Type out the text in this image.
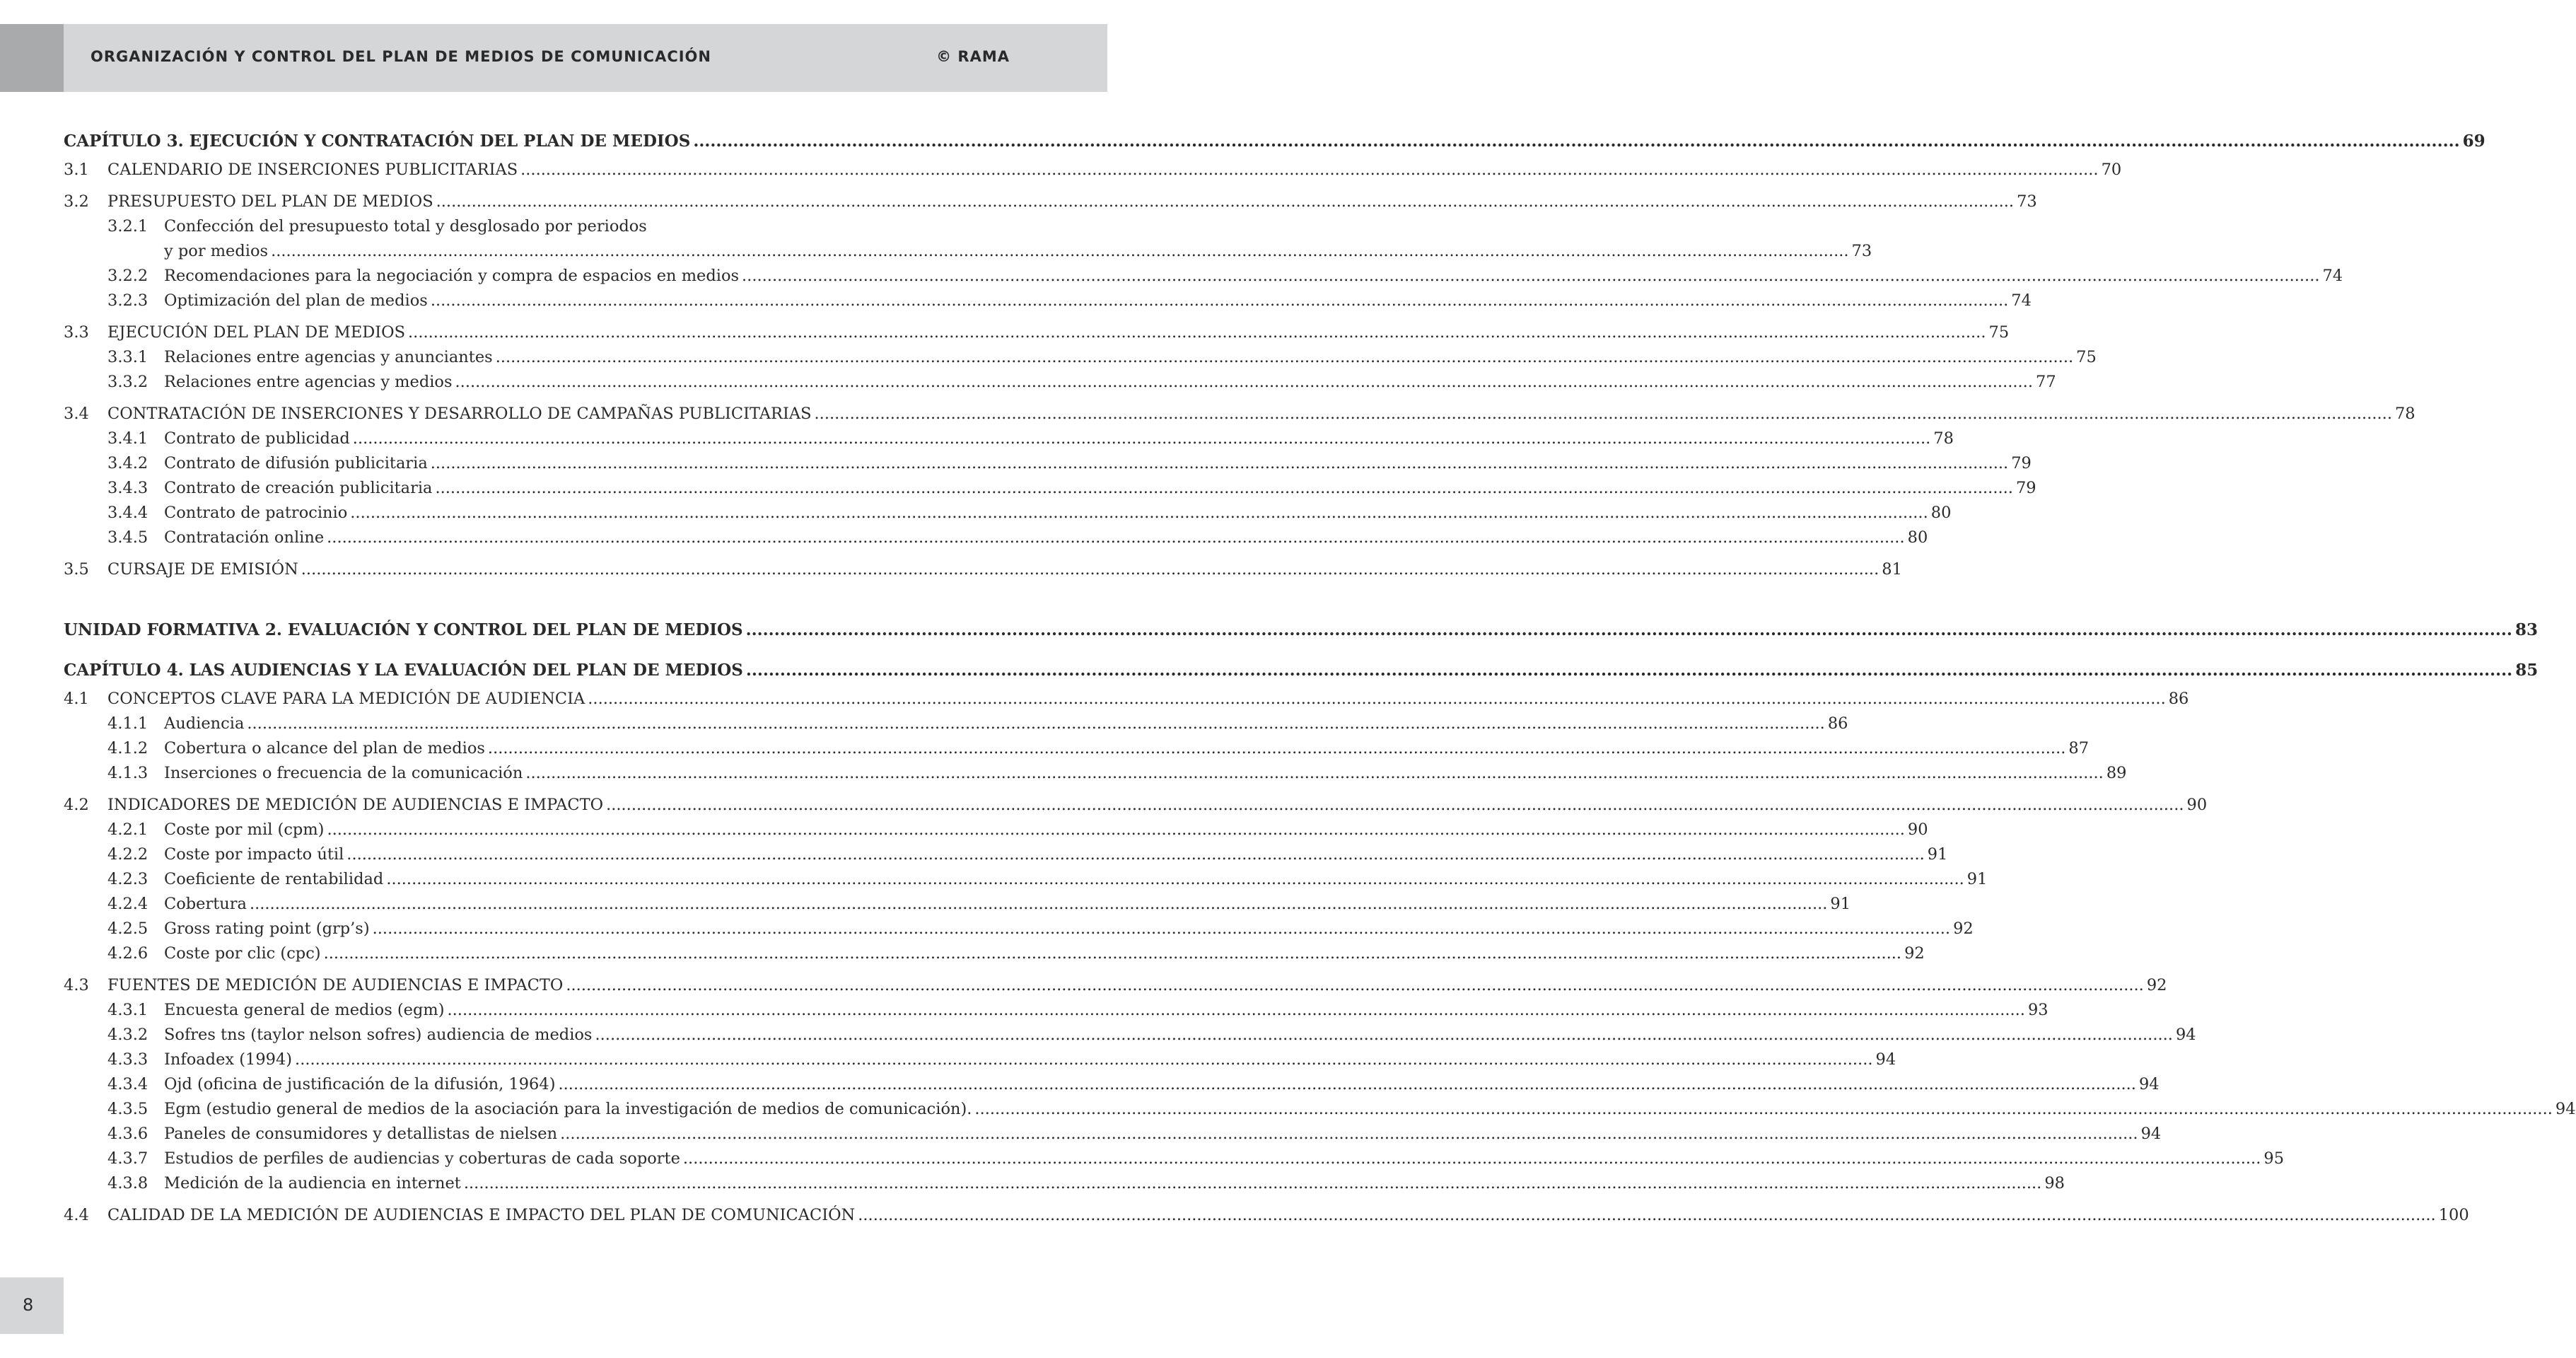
ORGANIZACIÓN Y CONTROL DEL PLAN DE MEDIOS DE COMUNICACIÓN	© RAMA
CAPÍTULO 3. EJECUCIÓN Y CONTRATACIÓN DEL PLAN DE MEDIOS .....	69
3.1	CALENDARIO DE INSERCIONES PUBLICITARIAS .....	70
3.2	PRESUPUESTO DEL PLAN DE MEDIOS .....	73
3.2.1	Confección del presupuesto total y desglosado por periodos
y por medios .....	73
3.2.2	Recomendaciones para la negociación y compra de espacios en medios .....	74
3.2.3	Optimización del plan de medios .....	74
3.3	EJECUCIÓN DEL PLAN DE MEDIOS .....	75
3.3.1	Relaciones entre agencias y anunciantes .....	75
3.3.2	Relaciones entre agencias y medios .....	77
3.4	CONTRATACIÓN DE INSERCIONES Y DESARROLLO DE CAMPAÑAS PUBLICITARIAS .....	78
3.4.1	Contrato de publicidad .....	78
3.4.2	Contrato de difusión publicitaria .....	79
3.4.3	Contrato de creación publicitaria .....	79
3.4.4	Contrato de patrocinio .....	80
3.4.5	Contratación online .....	80
3.5	CURSAJE DE EMISIÓN .....	81
UNIDAD FORMATIVA 2. EVALUACIÓN Y CONTROL DEL PLAN DE MEDIOS .....	83
CAPÍTULO 4. LAS AUDIENCIAS Y LA EVALUACIÓN DEL PLAN DE MEDIOS .....	85
4.1	CONCEPTOS CLAVE PARA LA MEDICIÓN DE AUDIENCIA .....	86
4.1.1	Audiencia .....	86
4.1.2	Cobertura o alcance del plan de medios .....	87
4.1.3	Inserciones o frecuencia de la comunicación .....	89
4.2	INDICADORES DE MEDICIÓN DE AUDIENCIAS E IMPACTO .....	90
4.2.1	Coste por mil (cpm) .....	90
4.2.2	Coste por impacto útil .....	91
4.2.3	Coeficiente de rentabilidad .....	91
4.2.4	Cobertura .....	91
4.2.5	Gross rating point (grp’s) .....	92
4.2.6	Coste por clic (cpc) .....	92
4.3	FUENTES DE MEDICIÓN DE AUDIENCIAS E IMPACTO .....	92
4.3.1	Encuesta general de medios (egm) .....	93
4.3.2	Sofres tns (taylor nelson sofres) audiencia de medios .....	94
4.3.3	Infoadex (1994) .....	94
4.3.4	Ojd (oficina de justificación de la difusión, 1964) .....	94
4.3.5	Egm (estudio general de medios de la asociación para la investigación de medios de comunicación). .....	94
4.3.6	Paneles de consumidores y detallistas de nielsen .....	94
4.3.7	Estudios de perfiles de audiencias y coberturas de cada soporte .....	95
4.3.8	Medición de la audiencia en internet .....	98
4.4	CALIDAD DE LA MEDICIÓN DE AUDIENCIAS E IMPACTO DEL PLAN DE COMUNICACIÓN .....	100
8
